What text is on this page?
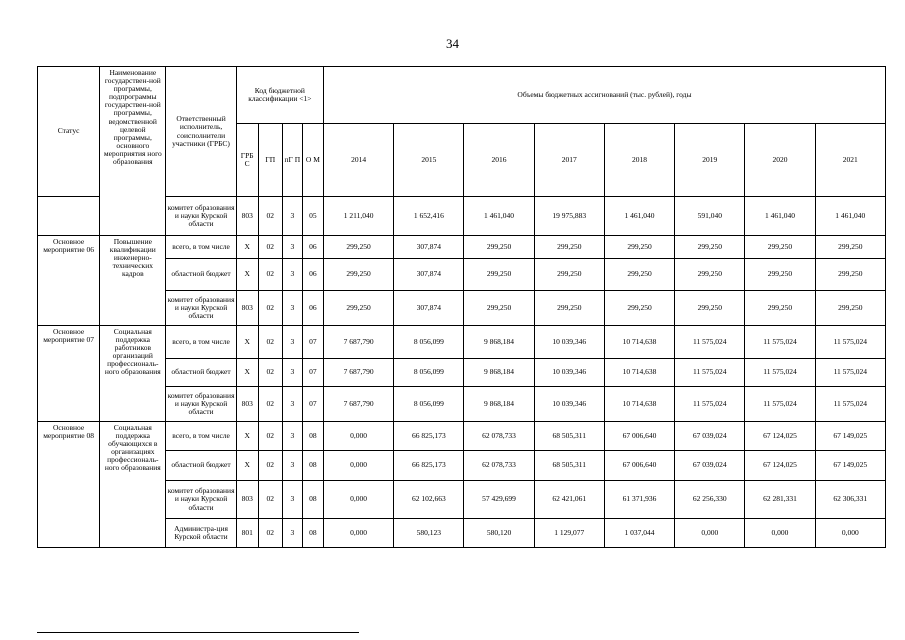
34
Статус	Наименование государствен-ной программы, подпрограммы государствен-ной программы, ведомственной целевой программы, основного мероприятия ного образования	Ответственный исполнитель, соисполнители участники (ГРБС)	Код бюджетной классификации <1>				Объемы бюджетных ассигнований (тыс. рублей), годы							
			ГРБ С	ГП	пГ П	О М	2014	2015	2016	2017	2018	2019	2020	2021
		комитет образования и науки Курской области	803	02	3	05	1 211,040	1 652,416	1 461,040	19 975,883	1 461,040	591,040	1 461,040	1 461,040
Основное мероприятие 06	Повышение квалификации инженерно-технических кадров	всего, в том числе	Х	02	3	06	299,250	307,874	299,250	299,250	299,250	299,250	299,250	299,250
		областной бюджет	Х	02	3	06	299,250	307,874	299,250	299,250	299,250	299,250	299,250	299,250
		комитет образования и науки Курской области	803	02	3	06	299,250	307,874	299,250	299,250	299,250	299,250	299,250	299,250
Основное мероприятие 07	Социальная поддержка работников организаций профессиональ-ного образования	всего, в том числе	Х	02	3	07	7 687,790	8 056,099	9 868,184	10 039,346	10 714,638	11 575,024	11 575,024	11 575,024
		областной бюджет	Х	02	3	07	7 687,790	8 056,099	9 868,184	10 039,346	10 714,638	11 575,024	11 575,024	11 575,024
		комитет образования и науки Курской области	803	02	3	07	7 687,790	8 056,099	9 868,184	10 039,346	10 714,638	11 575,024	11 575,024	11 575,024
Основное мероприятие 08	Социальная поддержка обучающихся в организациях профессиональ-ного образования	всего, в том числе	Х	02	3	08	0,000	66 825,173	62 078,733	68 505,311	67 006,640	67 039,024	67 124,025	67 149,025
		областной бюджет	Х	02	3	08	0,000	66 825,173	62 078,733	68 505,311	67 006,640	67 039,024	67 124,025	67 149,025
		комитет образования и науки Курской области	803	02	3	08	0,000	62 102,663	57 429,699	62 421,061	61 371,936	62 256,330	62 281,331	62 306,331
		Администра-ция Курской области	801	02	3	08	0,000	580,123	580,120	1 129,077	1 037,044	0,000	0,000	0,000
